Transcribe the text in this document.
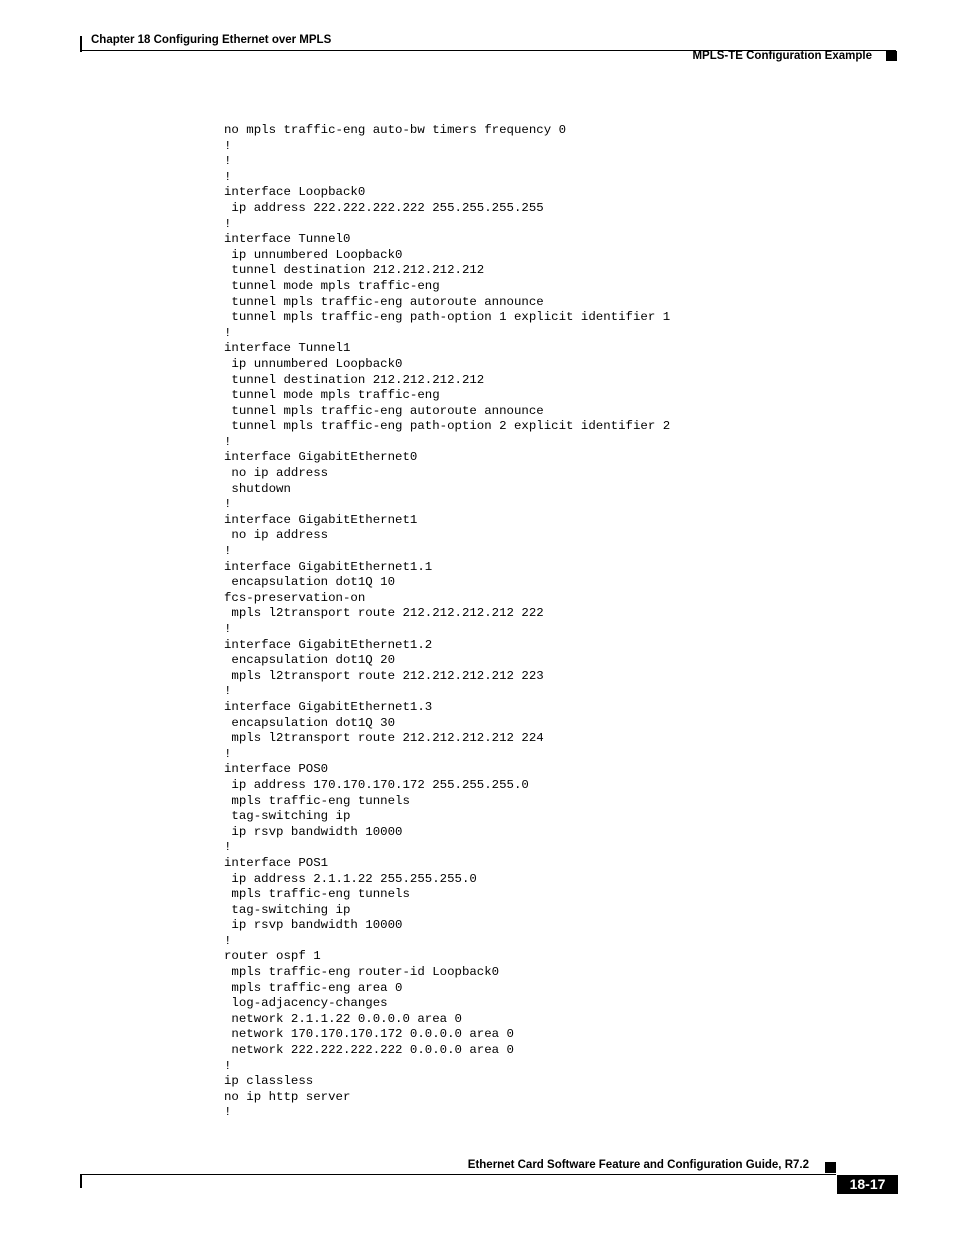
Chapter 18 Configuring Ethernet over MPLS
MPLS-TE Configuration Example
no mpls traffic-eng auto-bw timers frequency 0
!
!
!
interface Loopback0
ip address 222.222.222.222 255.255.255.255
!
interface Tunnel0
ip unnumbered Loopback0
tunnel destination 212.212.212.212
tunnel mode mpls traffic-eng
tunnel mpls traffic-eng autoroute announce
tunnel mpls traffic-eng path-option 1 explicit identifier 1
!
interface Tunnel1
ip unnumbered Loopback0
tunnel destination 212.212.212.212
tunnel mode mpls traffic-eng
tunnel mpls traffic-eng autoroute announce
tunnel mpls traffic-eng path-option 2 explicit identifier 2
!
interface GigabitEthernet0
no ip address
shutdown
!
interface GigabitEthernet1
no ip address
!
interface GigabitEthernet1.1
encapsulation dot1Q 10
fcs-preservation-on
mpls l2transport route 212.212.212.212 222
!
interface GigabitEthernet1.2
encapsulation dot1Q 20
mpls l2transport route 212.212.212.212 223
!
interface GigabitEthernet1.3
encapsulation dot1Q 30
mpls l2transport route 212.212.212.212 224
!
interface POS0
ip address 170.170.170.172 255.255.255.0
mpls traffic-eng tunnels
tag-switching ip
ip rsvp bandwidth 10000
!
interface POS1
ip address 2.1.1.22 255.255.255.0
mpls traffic-eng tunnels
tag-switching ip
ip rsvp bandwidth 10000
!
router ospf 1
mpls traffic-eng router-id Loopback0
mpls traffic-eng area 0
log-adjacency-changes
network 2.1.1.22 0.0.0.0 area 0
network 170.170.170.172 0.0.0.0 area 0
network 222.222.222.222 0.0.0.0 area 0
!
ip classless
no ip http server
!
Ethernet Card Software Feature and Configuration Guide, R7.2
18-17
